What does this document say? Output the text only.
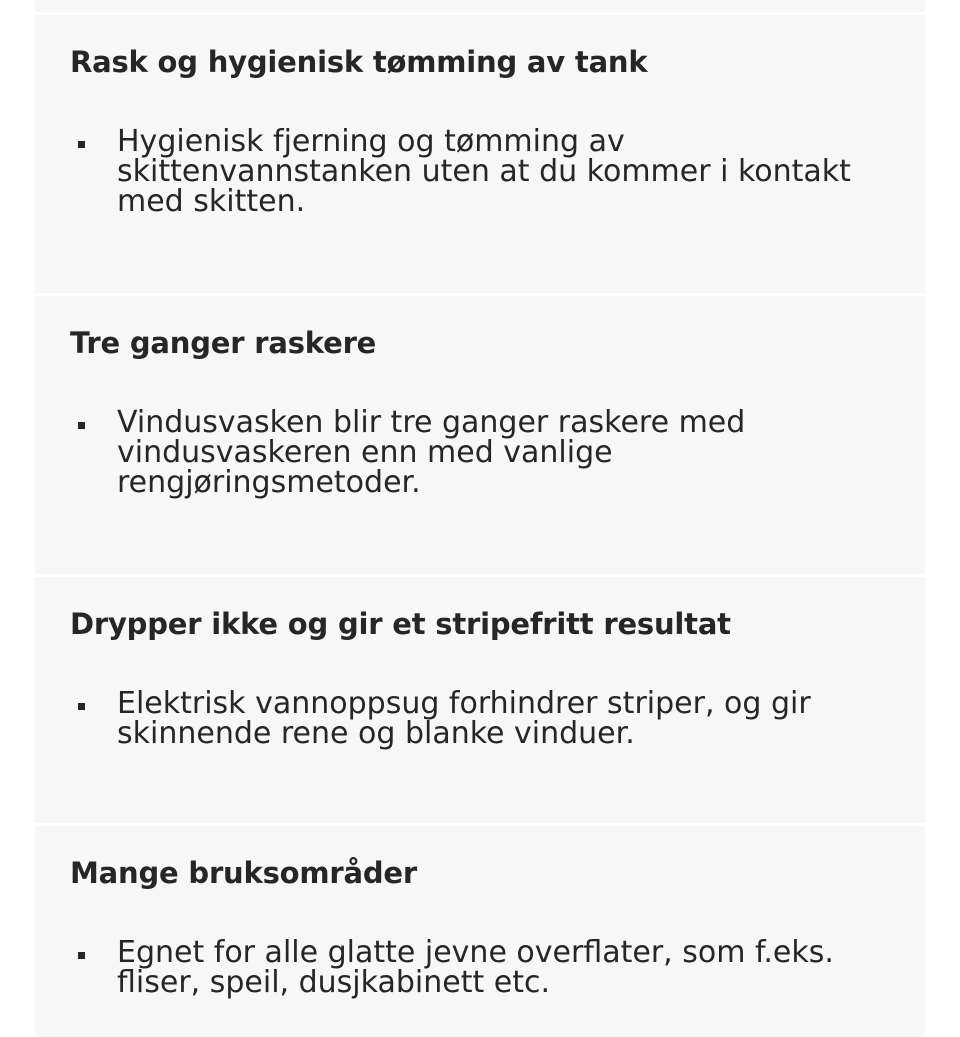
Rask og hygienisk tømming av tank
Hygienisk fjerning og tømming av skittenvannstanken uten at du kommer i kontakt med skitten.
Tre ganger raskere
Vindusvasken blir tre ganger raskere med vindusvaskeren enn med vanlige rengjøringsmetoder.
Drypper ikke og gir et stripefritt resultat
Elektrisk vannoppsug forhindrer striper, og gir skinnende rene og blanke vinduer.
Mange bruksområder
Egnet for alle glatte jevne overflater, som f.eks. fliser, speil, dusjkabinett etc.
